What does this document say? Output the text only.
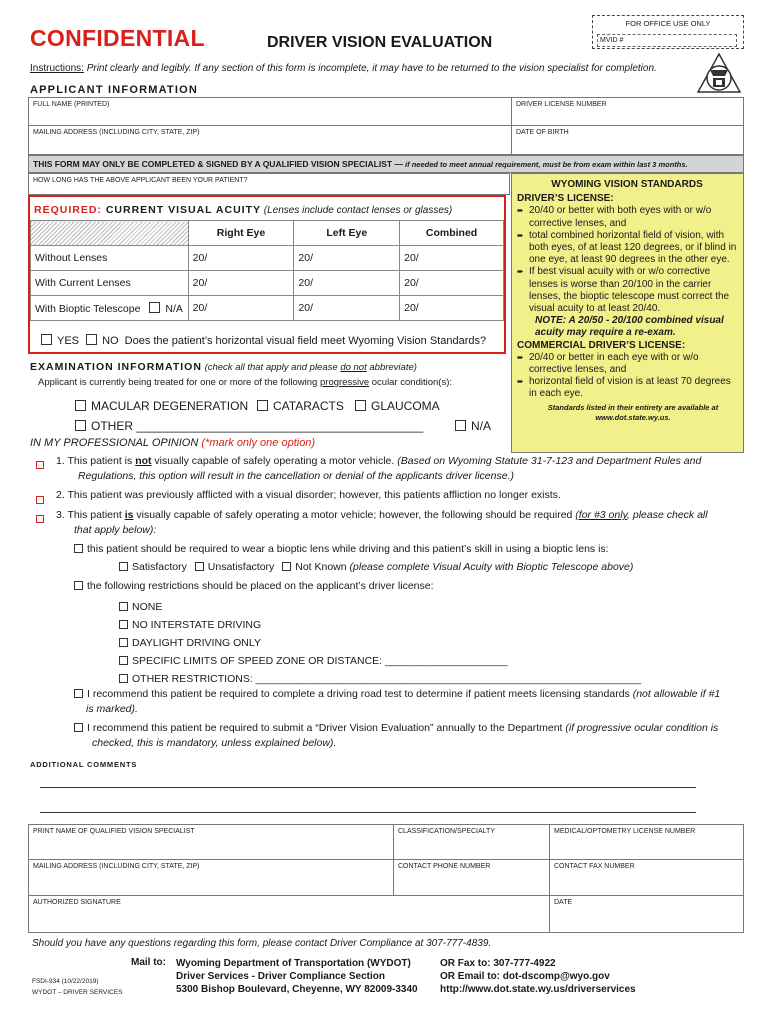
CONFIDENTIAL	DRIVER VISION EVALUATION
FOR OFFICE USE ONLY
MVID #
Instructions: Print clearly and legibly. If any section of this form is incomplete, it may have to be returned to the vision specialist for completion.
APPLICANT INFORMATION
FULL NAME (PRINTED)	DRIVER LICENSE NUMBER
MAILING ADDRESS (INCLUDING CITY, STATE, ZIP)	DATE OF BIRTH
THIS FORM MAY ONLY BE COMPLETED & SIGNED BY A QUALIFIED VISION SPECIALIST — if needed to meet annual requirement, must be from exam within last 3 months.
HOW LONG HAS THE ABOVE APPLICANT BEEN YOUR PATIENT?
REQUIRED: CURRENT VISUAL ACUITY (Lenses include contact lenses or glasses)
	Right Eye	Left Eye	Combined
Without Lenses	20/	20/	20/
With Current Lenses	20/	20/	20/
With Bioptic Telescope N/A	20/	20/	20/
YES NO Does the patient’s horizontal visual field meet Wyoming Vision Standards?
WYOMING VISION STANDARDS
DRIVER’S LICENSE:
➨ 20/40 or better with both eyes with or w/o corrective lenses, and
➨ total combined horizontal field of vision, with both eyes, of at least 120 degrees, or if blind in one eye, at least 90 degrees in the other eye.
➨ If best visual acuity with or w/o corrective lenses is worse than 20/100 in the carrier lenses, the bioptic telescope must correct the visual acuity to at least 20/40.
NOTE: A 20/50 - 20/100 combined visual acuity may require a re-exam.
COMMERCIAL DRIVER’S LICENSE:
➨ 20/40 or better in each eye with or w/o corrective lenses, and
➨ horizontal field of vision is at least 70 degrees in each eye.
Standards listed in their entirety are available at www.dot.state.wy.us.
EXAMINATION INFORMATION (check all that apply and please do not abbreviate)
Applicant is currently being treated for one or more of the following progressive ocular condition(s):
MACULAR DEGENERATION	CATARACTS	GLAUCOMA
OTHER ___________________________________________	N/A
IN MY PROFESSIONAL OPINION (*mark only one option)
1. This patient is not visually capable of safely operating a motor vehicle. (Based on Wyoming Statute 31-7-123 and Department Rules and
Regulations, this option will result in the cancellation or denial of the applicants driver license.)
2. This patient was previously afflicted with a visual disorder; however, this patients affliction no longer exists.
3. This patient is visually capable of safely operating a motor vehicle; however, the following should be required (for #3 only, please check all
that apply below):
this patient should be required to wear a bioptic lens while driving and this patient’s skill in using a bioptic lens is:
Satisfactory Unsatisfactory Not Known (please complete Visual Acuity with Bioptic Telescope above)
the following restrictions should be placed on the applicant’s driver license:
NONE
NO INTERSTATE DRIVING
DAYLIGHT DRIVING ONLY
SPECIFIC LIMITS OF SPEED ZONE OR DISTANCE: _____________________
OTHER RESTRICTIONS: __________________________________________________________________
I recommend this patient be required to complete a driving road test to determine if patient meets licensing standards (not allowable if #1
is marked).
I recommend this patient be required to submit a “Driver Vision Evaluation” annually to the Department (if progressive ocular condition is
checked, this is mandatory, unless explained below).
ADDITIONAL COMMENTS
PRINT NAME OF QUALIFIED VISION SPECIALIST	CLASSIFICATION/SPECIALTY	MEDICAL/OPTOMETRY LICENSE NUMBER
MAILING ADDRESS (INCLUDING CITY, STATE, ZIP)	CONTACT PHONE NUMBER	CONTACT FAX NUMBER
AUTHORIZED SIGNATURE	DATE
Should you have any questions regarding this form, please contact Driver Compliance at 307-777-4839.
Mail to: Wyoming Department of Transportation (WYDOT)
Driver Services - Driver Compliance Section
5300 Bishop Boulevard, Cheyenne, WY 82009-3340
OR Fax to: 307-777-4922
OR Email to: dot-dscomp@wyo.gov
http://www.dot.state.wy.us/driverservices
FSDI-934 (10/22/2019)
WYDOT – DRIVER SERVICES
